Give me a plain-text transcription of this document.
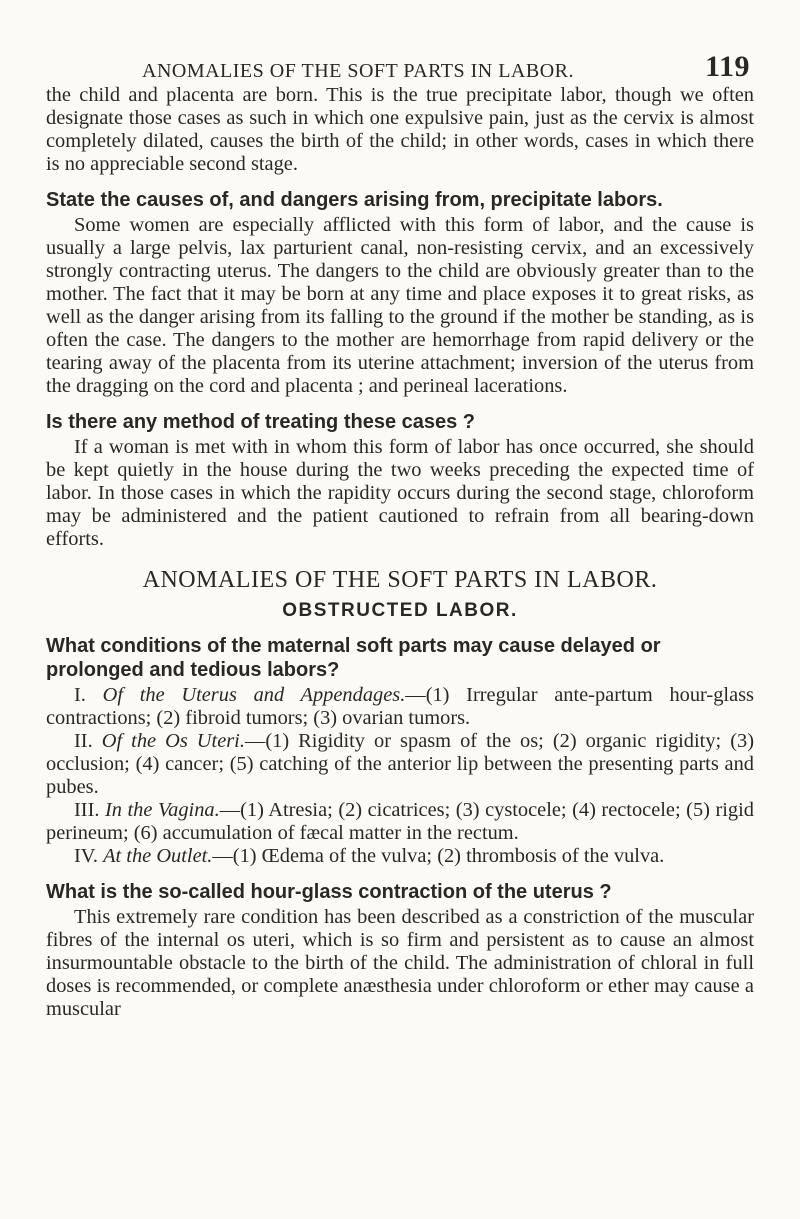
ANOMALIES OF THE SOFT PARTS IN LABOR.	119

the child and placenta are born. This is the true precipitate labor, though we often designate those cases as such in which one expulsive pain, just as the cervix is almost completely dilated, causes the birth of the child; in other words, cases in which there is no appreciable second stage.

State the causes of, and dangers arising from, precipitate labors.

Some women are especially afflicted with this form of labor, and the cause is usually a large pelvis, lax parturient canal, non-resisting cervix, and an excessively strongly contracting uterus. The dangers to the child are obviously greater than to the mother. The fact that it may be born at any time and place exposes it to great risks, as well as the danger arising from its falling to the ground if the mother be standing, as is often the case. The dangers to the mother are hemorrhage from rapid delivery or the tearing away of the placenta from its uterine attachment; inversion of the uterus from the dragging on the cord and placenta ; and perineal lacerations.

Is there any method of treating these cases ?

If a woman is met with in whom this form of labor has once occurred, she should be kept quietly in the house during the two weeks preceding the expected time of labor. In those cases in which the rapidity occurs during the second stage, chloroform may be administered and the patient cautioned to refrain from all bearing-down efforts.

ANOMALIES OF THE SOFT PARTS IN LABOR.
OBSTRUCTED LABOR.
What conditions of the maternal soft parts may cause delayed or prolonged and tedious labors?

I. Of the Uterus and Appendages.—(1) Irregular ante-partum hour-glass contractions; (2) fibroid tumors; (3) ovarian tumors.

II. Of the Os Uteri.—(1) Rigidity or spasm of the os; (2) organic rigidity; (3) occlusion; (4) cancer; (5) catching of the anterior lip between the presenting parts and pubes.

III. In the Vagina.—(1) Atresia; (2) cicatrices; (3) cystocele; (4) rectocele; (5) rigid perineum; (6) accumulation of fæcal matter in the rectum.

IV. At the Outlet.—(1) Œdema of the vulva; (2) thrombosis of the vulva.

What is the so-called hour-glass contraction of the uterus ?

This extremely rare condition has been described as a constriction of the muscular fibres of the internal os uteri, which is so firm and persistent as to cause an almost insurmountable obstacle to the birth of the child. The administration of chloral in full doses is recommended, or complete anæsthesia under chloroform or ether may cause a muscular
